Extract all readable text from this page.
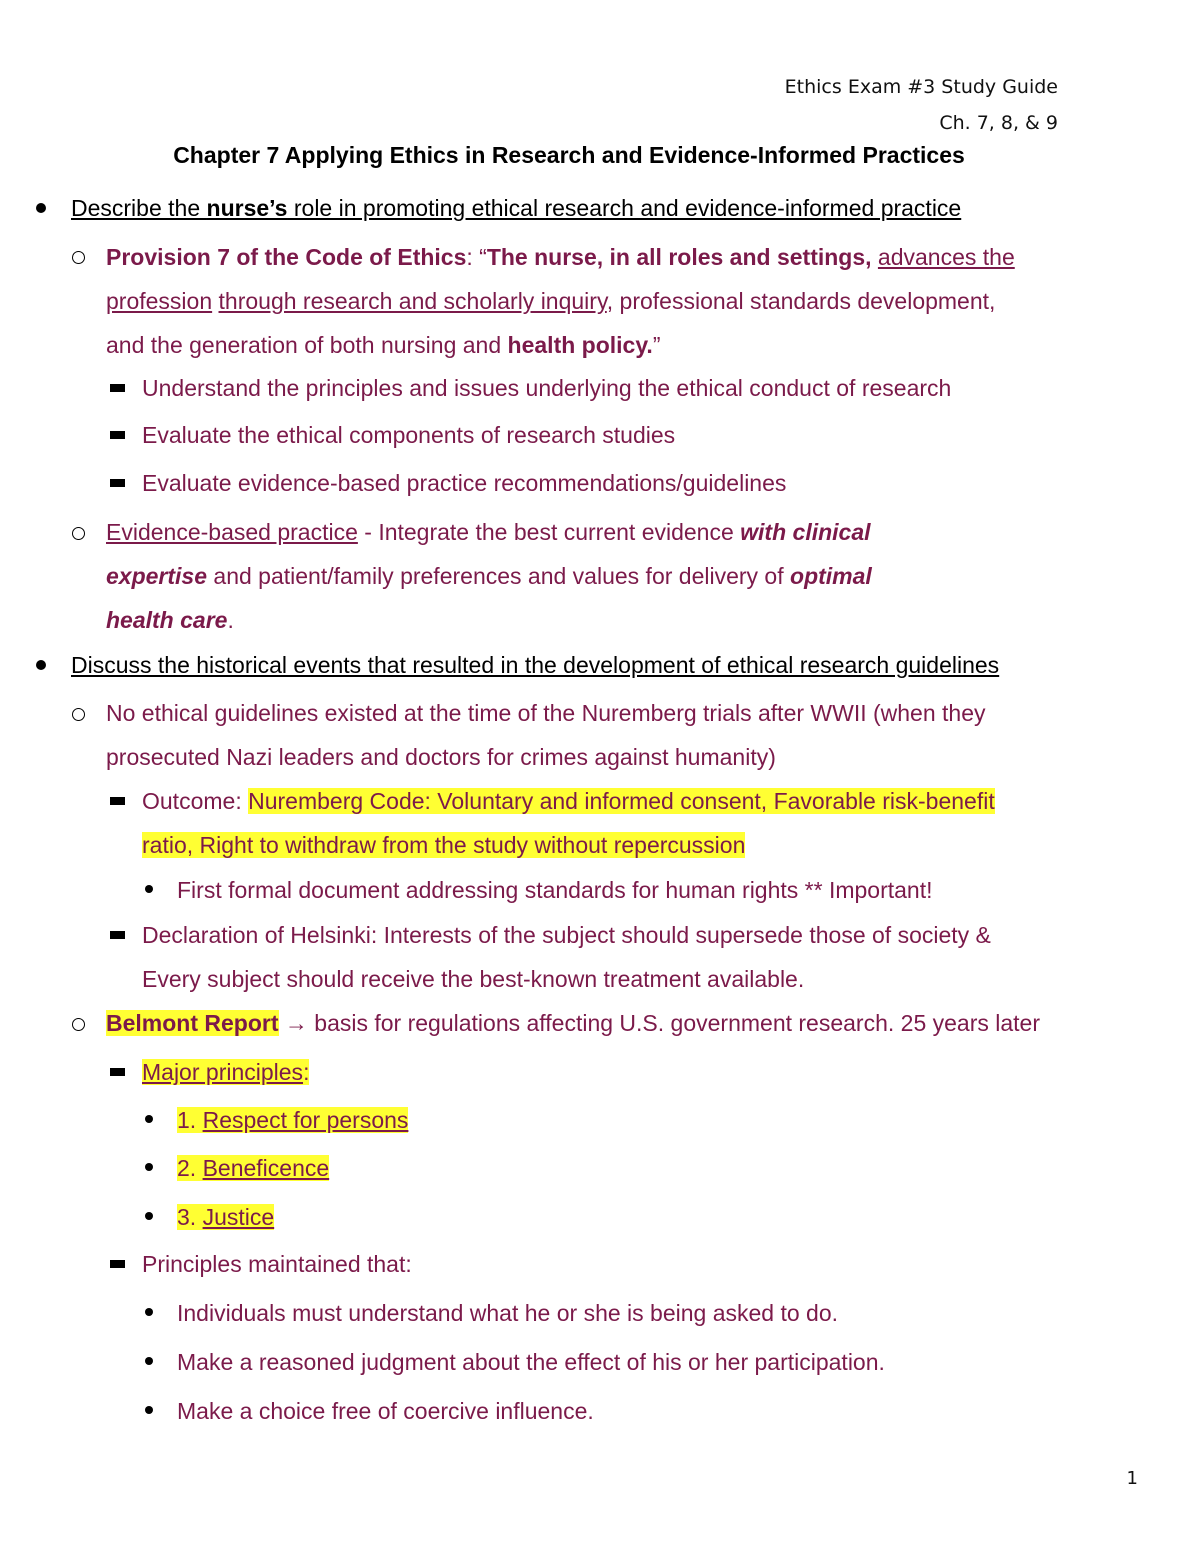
Ethics Exam #3 Study Guide
Ch. 7, 8, & 9
Chapter 7 Applying Ethics in Research and Evidence-Informed Practices
Describe the nurse’s role in promoting ethical research and evidence-informed practice
Provision 7 of the Code of Ethics: “The nurse, in all roles and settings, advances the
profession through research and scholarly inquiry, professional standards development,
and the generation of both nursing and health policy.”
Understand the principles and issues underlying the ethical conduct of research
Evaluate the ethical components of research studies
Evaluate evidence-based practice recommendations/guidelines
Evidence-based practice - Integrate the best current evidence with clinical
expertise and patient/family preferences and values for delivery of optimal
health care.
Discuss the historical events that resulted in the development of ethical research guidelines
No ethical guidelines existed at the time of the Nuremberg trials after WWII (when they
prosecuted Nazi leaders and doctors for crimes against humanity)
Outcome: Nuremberg Code: Voluntary and informed consent, Favorable risk-benefit
ratio, Right to withdraw from the study without repercussion
First formal document addressing standards for human rights ** Important!
Declaration of Helsinki: Interests of the subject should supersede those of society &
Every subject should receive the best-known treatment available.
Belmont Report → basis for regulations affecting U.S. government research. 25 years later
Major principles:
1. Respect for persons
2. Beneficence
3. Justice
Principles maintained that:
Individuals must understand what he or she is being asked to do.
Make a reasoned judgment about the effect of his or her participation.
Make a choice free of coercive influence.
1
